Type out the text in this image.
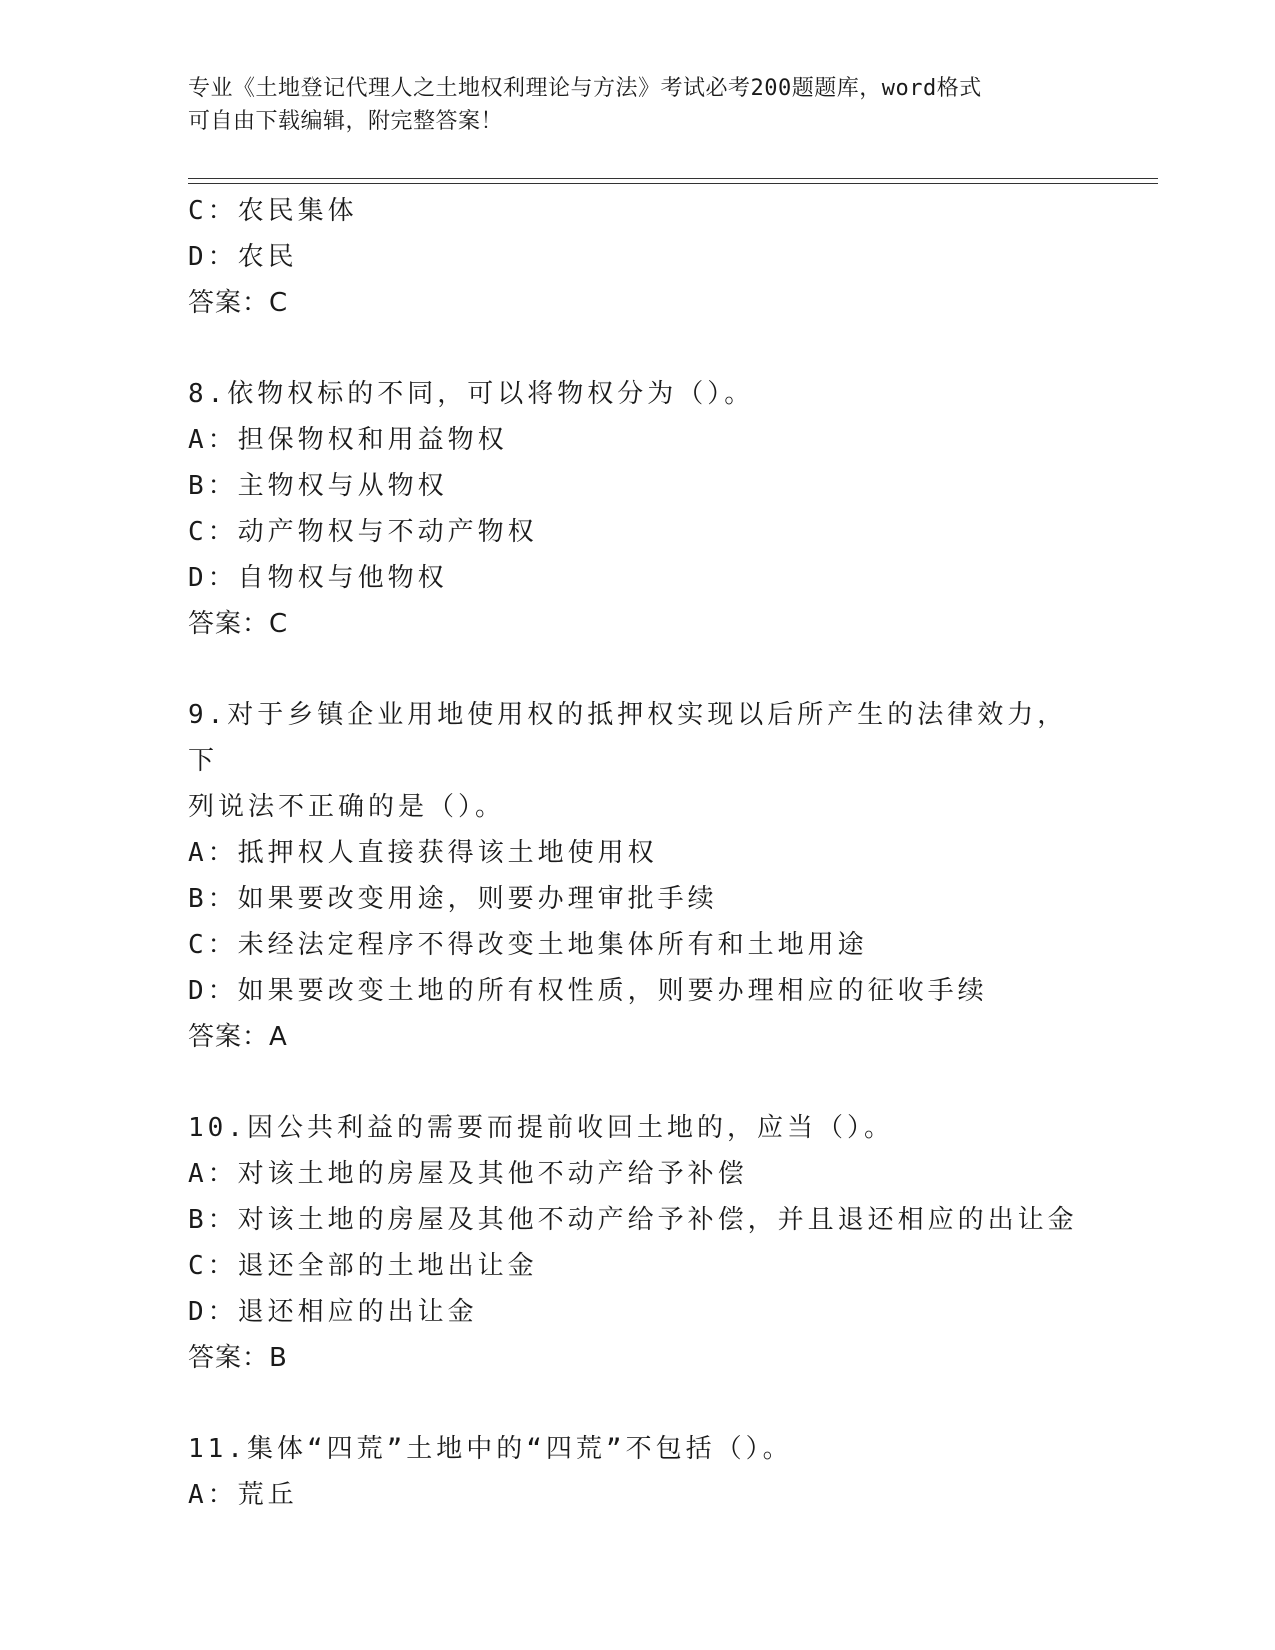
专业《土地登记代理人之土地权利理论与方法》考试必考200题题库，word格式
可自由下载编辑，附完整答案！
C：农民集体
D：农民
答案：C
8.依物权标的不同，可以将物权分为（）。
A：担保物权和用益物权
B：主物权与从物权
C：动产物权与不动产物权
D：自物权与他物权
答案：C
9.对于乡镇企业用地使用权的抵押权实现以后所产生的法律效力，下
列说法不正确的是（）。
A：抵押权人直接获得该土地使用权
B：如果要改变用途，则要办理审批手续
C：未经法定程序不得改变土地集体所有和土地用途
D：如果要改变土地的所有权性质，则要办理相应的征收手续
答案：A
10.因公共利益的需要而提前收回土地的，应当（）。
A：对该土地的房屋及其他不动产给予补偿
B：对该土地的房屋及其他不动产给予补偿，并且退还相应的出让金
C：退还全部的土地出让金
D：退还相应的出让金
答案：B
11.集体“四荒”土地中的“四荒”不包括（）。
A：荒丘
